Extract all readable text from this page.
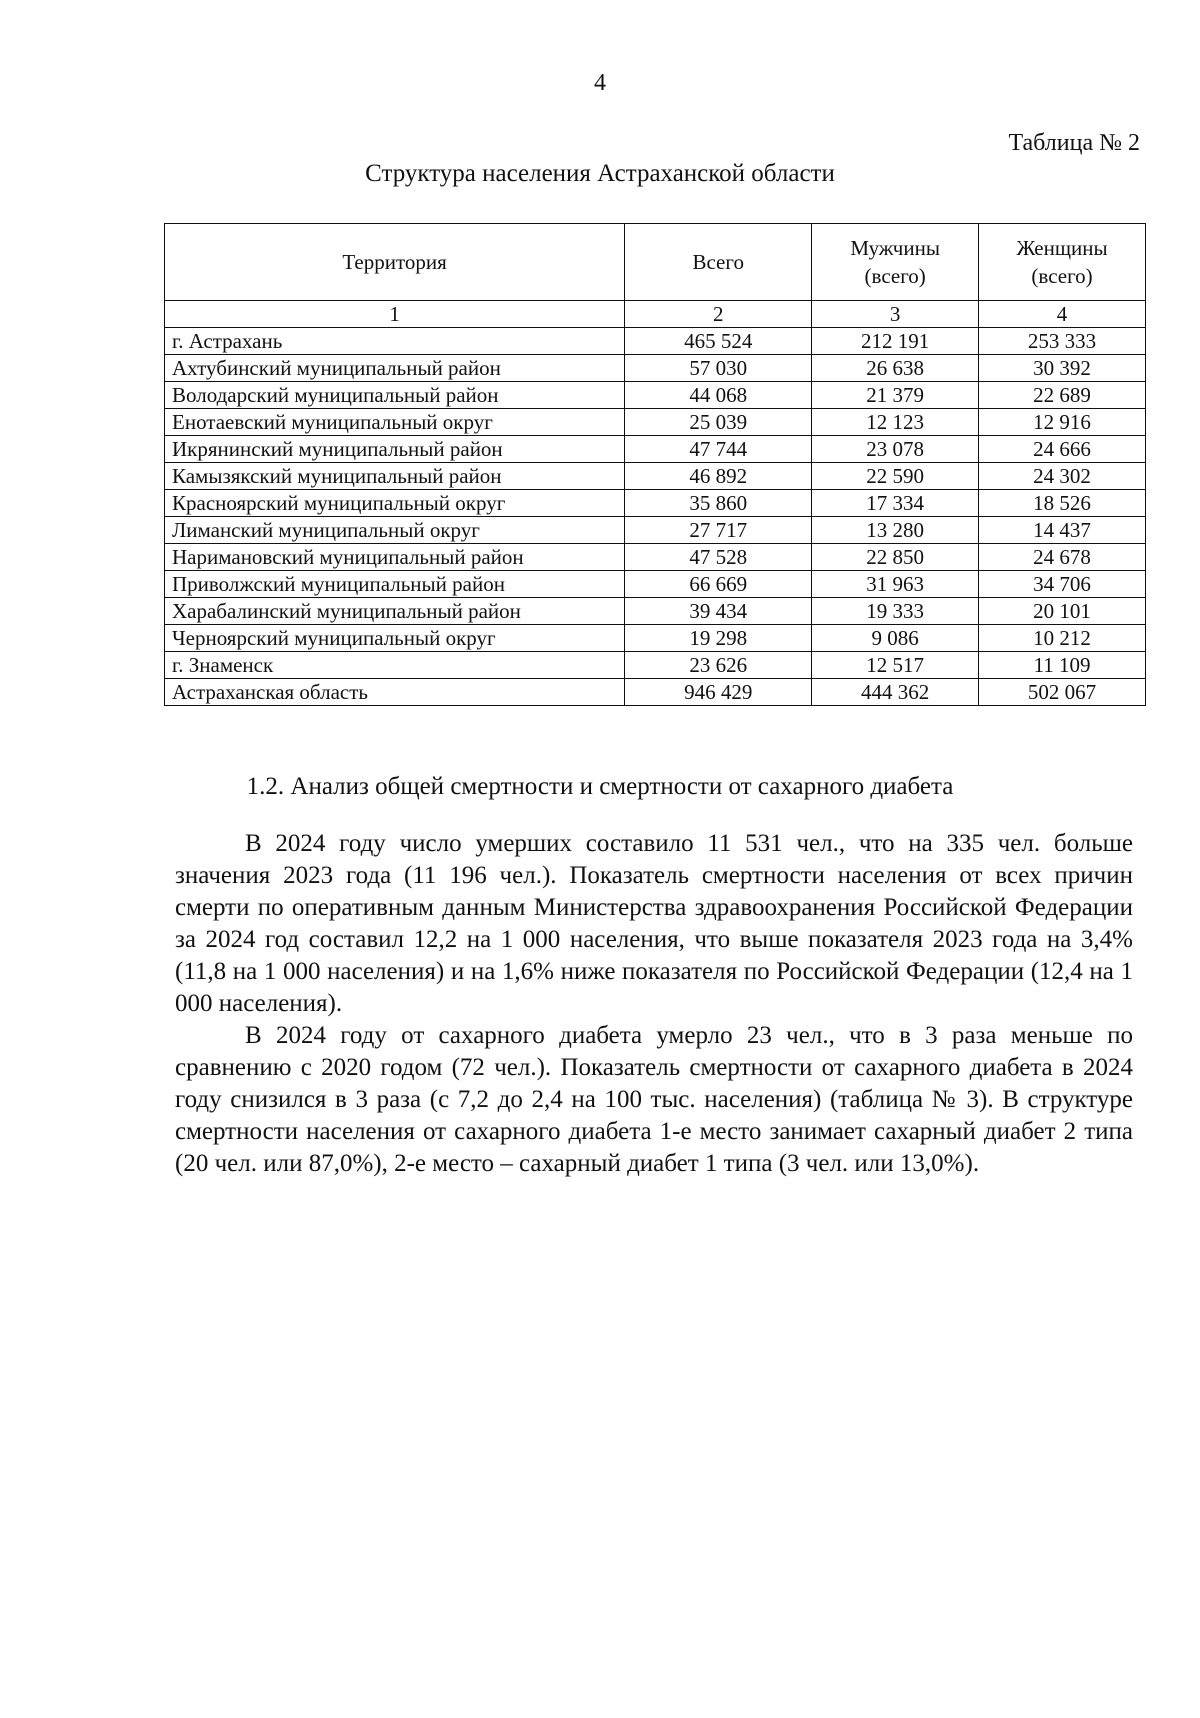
4
Таблица № 2
Структура населения Астраханской области
Территория	Всего	Мужчины (всего)	Женщины (всего)
1	2	3	4
г. Астрахань	465 524	212 191	253 333
Ахтубинский муниципальный район	57 030	26 638	30 392
Володарский муниципальный район	44 068	21 379	22 689
Енотаевский муниципальный округ	25 039	12 123	12 916
Икрянинский муниципальный район	47 744	23 078	24 666
Камызякский муниципальный район	46 892	22 590	24 302
Красноярский муниципальный округ	35 860	17 334	18 526
Лиманский муниципальный округ	27 717	13 280	14 437
Наримановский муниципальный район	47 528	22 850	24 678
Приволжский муниципальный район	66 669	31 963	34 706
Харабалинский муниципальный район	39 434	19 333	20 101
Черноярский муниципальный округ	19 298	9 086	10 212
г. Знаменск	23 626	12 517	11 109
Астраханская область	946 429	444 362	502 067
1.2. Анализ общей смертности и смертности от сахарного диабета

В 2024 году число умерших составило 11 531 чел., что на 335 чел. больше значения 2023 года (11 196 чел.). Показатель смертности населения от всех причин смерти по оперативным данным Министерства здравоохранения Российской Федерации за 2024 год составил 12,2 на 1 000 населения, что выше показателя 2023 года на 3,4% (11,8 на 1 000 населения) и на 1,6% ниже показателя по Российской Федерации (12,4 на 1 000 населения).

В 2024 году от сахарного диабета умерло 23 чел., что в 3 раза меньше по сравнению с 2020 годом (72 чел.). Показатель смертности от сахарного диабета в 2024 году снизился в 3 раза (с 7,2 до 2,4 на 100 тыс. населения) (таблица № 3). В структуре смертности населения от сахарного диабета 1-е место занимает сахарный диабет 2 типа (20 чел. или 87,0%), 2-е место – сахарный диабет 1 типа (3 чел. или 13,0%).
